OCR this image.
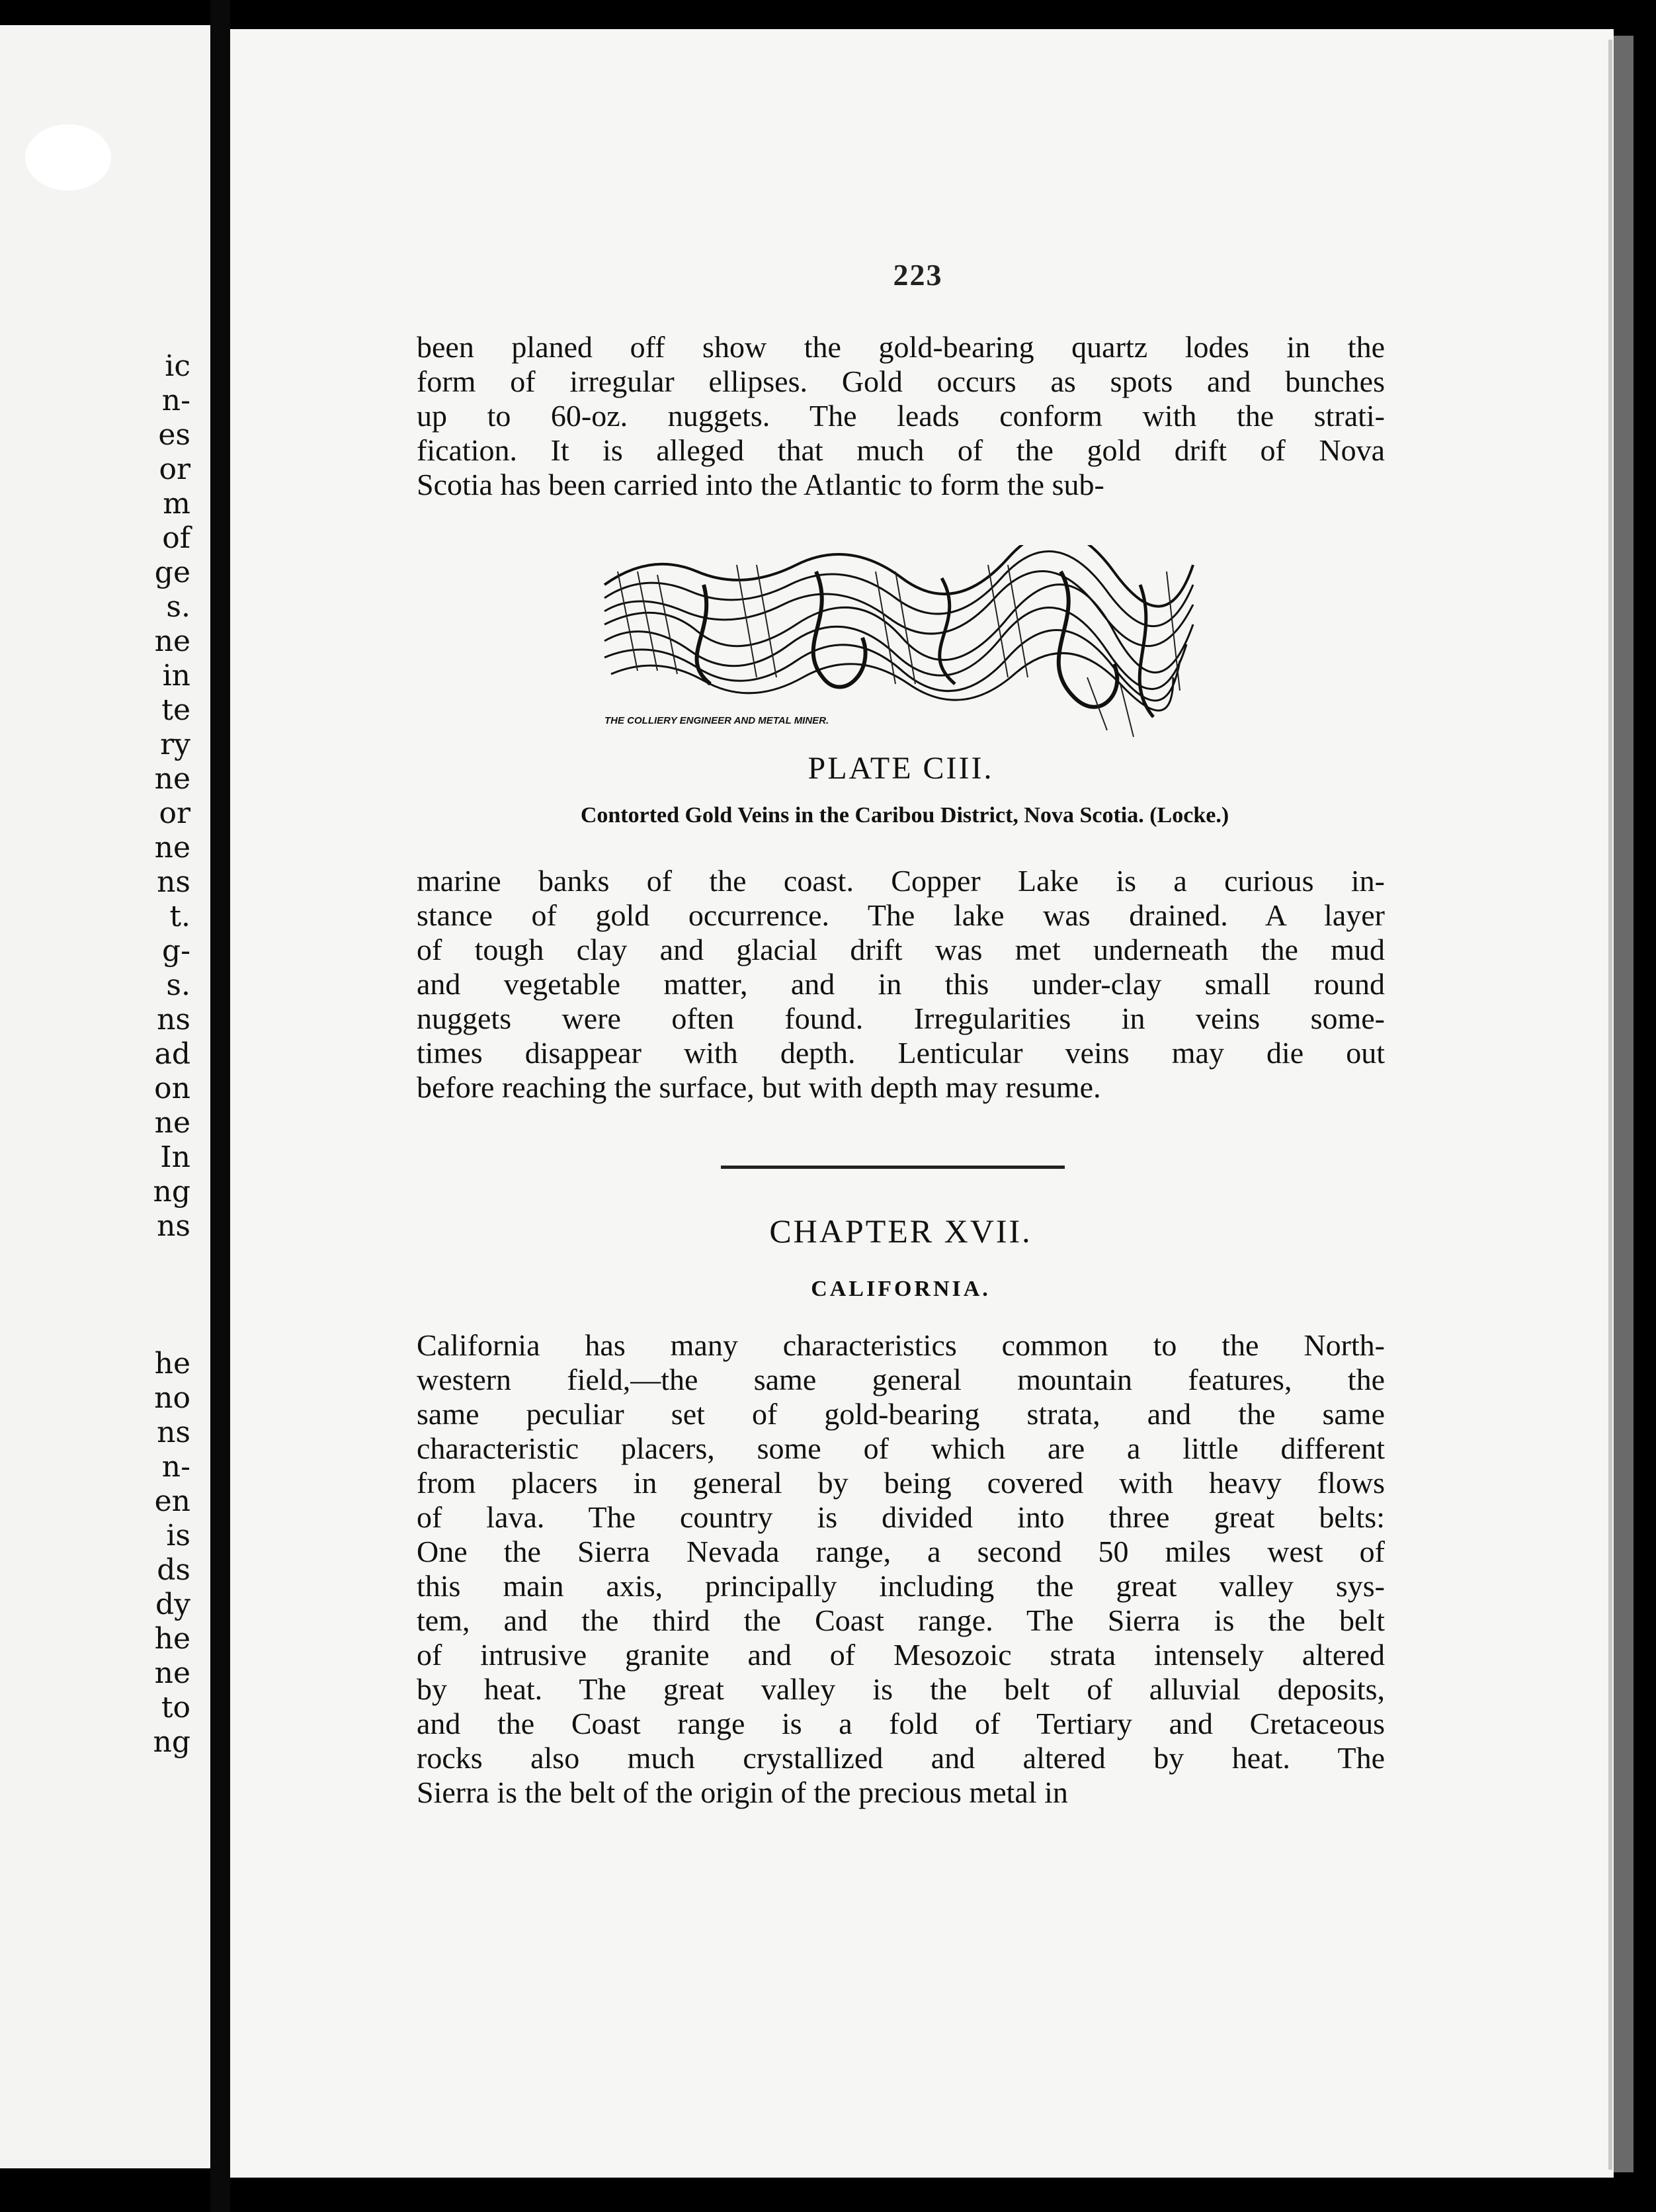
ic
n-
es
or
m
of
ge
s.
ne
in
te
ry
ne
or
ne
ns
t.
g-
s.
ns
ad
on
ne
In
ng
ns
he
no
ns
n-
en
is
ds
dy
he
ne
to
ng
223
been planed off show the gold-bearing quartz lodes in the
form of irregular ellipses. Gold occurs as spots and bunches
up to 60-oz. nuggets. The leads conform with the strati-
fication. It is alleged that much of the gold drift of Nova
Scotia has been carried into the Atlantic to form the sub-
THE COLLIERY ENGINEER AND METAL MINER.
PLATE CIII.
Contorted Gold Veins in the Caribou District, Nova Scotia. (Locke.)
marine banks of the coast. Copper Lake is a curious in-
stance of gold occurrence. The lake was drained. A layer
of tough clay and glacial drift was met underneath the mud
and vegetable matter, and in this under-clay small round
nuggets were often found. Irregularities in veins some-
times disappear with depth. Lenticular veins may die out
before reaching the surface, but with depth may resume.
CHAPTER XVII.
CALIFORNIA.
California has many characteristics common to the North-
western field,—the same general mountain features, the
same peculiar set of gold-bearing strata, and the same
characteristic placers, some of which are a little different
from placers in general by being covered with heavy flows
of lava. The country is divided into three great belts:
One the Sierra Nevada range, a second 50 miles west of
this main axis, principally including the great valley sys-
tem, and the third the Coast range. The Sierra is the belt
of intrusive granite and of Mesozoic strata intensely altered
by heat. The great valley is the belt of alluvial deposits,
and the Coast range is a fold of Tertiary and Cretaceous
rocks also much crystallized and altered by heat. The
Sierra is the belt of the origin of the precious metal in
